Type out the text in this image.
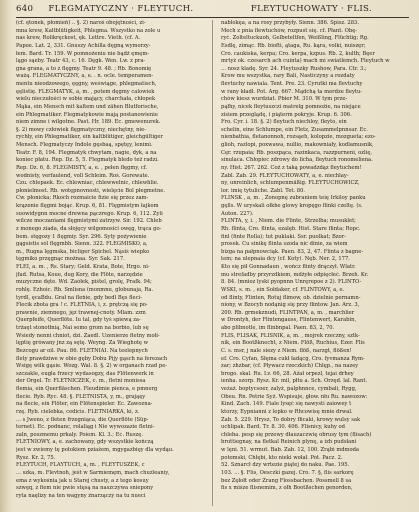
640	FLEGMATYCZNY · FLEYTUCH.	FLEYTUCHOWATY · FLIS.
(cf. ętonek, płomień) .. §. 2) naroś obojętności, zi-
mna krew, Kaltblütigkeit, Phlegma. Wszystko na zole u
nas krew, Rolikręckost, ęk. Lettre. Vieth. (cf. A.
Papoe. Lat. 2, 331. Gnuszy Achilla dęgną wymorzy-
łem. Bard. Tr. 159. W pomnożeniu nie bądź ęmęm-
lągo sąeby. Teatr 43, c. 16. Dęgk. Wen. Lw. z pra-
gna grana, a to z flęgmy. Teatr 9. 48. ; Rb. Bonomię
ważą. FLEGMATYCZNY, a, e. . n. ocle. temperamen-
mentu nieodzowego, ęęgny, weświąge, phlegmatisch,
ęęlistię. FLEGMATYK, a, m. , potem dęgmy calowiek
wielu nieczułości w sobie mający, charchała, chłopek
Mąka, ein Mensch mit kaltem und zähen Blutforische,
ein Phlegmatiker. Flegmatykowie mają postanowienie
niem zimne i wilgotne. Past. Hr. 189. Ec. gmewenurek.
§. 2) mowy człowiek flęgmatyczny, niechętny, nie-
rychły, ein Phlegmatiker, ein kaltblütiger, gleichgültiger
Mensch. Flegmatyczy Indole gęsbaą, spętęy, lenimi.
Teatr. F. 8, 194. Flegmatyk chwytam, nagie, dyk, a na
koniec płatu. Rep. Dz. 5, 5. Flegmatyk bledo też radzi.
Rep. Dz. 6, 8. FLEGMISTY, a, e. , pełen flęgmy, cf.
wodnisty, verfaulend, voll Schleim. Roś. Gorewate.
Ćzu. chlepaek. Ec. chlewniac, chlewwelnic, chlewhlie.
płonielmost. Rb. wotępnovnosti, wielęcie Bol płegmetne.
Ćw. płonicka; Rkoch rozmaicie fizie się przez zam-
krązenie flęgmi bojąc. Krup. 6, 81. Flęgmistym łajkom
suowidygnn mocne drewna pączrego. Krup. 6, 112. Żyli
wilcze moczaniami flęgmistymi zatrzyw. Sir. 192. Chleb
z monego ziada, da słojęcy wilgomosici owęg, trąca go-
bem. stęgozy 1 flęgmiy. Syr. 296. Syty pożywienie
gągsistis sól flęgmbh. Sienn. 322. FLEGMISKO, a,
m., Rugna lęgmska, bicliger Spichel. Nąsiś wiepko
tęgmiko przęgnąc możnaa. Syr. Sak. 217.
FLEI, a. m. , Rs. Stary; Geld. Krata, Bote, Hrgo. ni-
jfad. Rutsa, Koue, dug Kory, die Flöte, narzędzie
muzyczne dęte. Wd. Zaółek, piśtel, grolę, Prafk. 94;
rohlę. Ezhoic. Rb. Smlisna (monmnu, globunaja, Ra.
tyrdl, ęcaBdu. Grał na fleńie, gdy bedl Bęs fleci-
Flecik zbota gra ! c. FLETNIA, i, z. prętczą się po-
prawnie, ziemnego, jęz trawnej-cnoty. Mlam. zzm
Querpfeife, Querflöte. Iu tal, gdy tyś spiewą za-
trżaęt stonotłnią, Nai semo grom na borbio, lub sę
Wsiedy nenni chniot, dzi. Zaedl. Uzenierze fletny mołi-
lęptię grówany jnz zą sętę. Weyng. Za Wieghotę w
Bezcogu ar oil. Pau. 86. FLETNIAI. Na teelepnych
flety prawdziwe w obie gęby Dobu Pijy gąsch na ferezach
Wsigę wilk gąsie. Wozg. Wal. 8. §. 2) w organach rzad pe-
szczakle, eugla frzecy wydasogzy, das Flötenwerk in
der Orgel. Tr. FLETNICZEK, c. m., fletni monissa
flemia, ein Querfläschen. Fleudimie pienca, e pmnerg
flecie. Ryb. Ryc. 48. §. FLETNISTA, y, m., grająęy
na flecie, ein Flöter, ein Flötenspieler. Ec. Zawozna-
rzę. Ryb. cielebka, cedicis. FLETNIARKA, ki, z.
... s Jweno, z fleten frzegniąca, die Querflöte (Süp-
ternet). Ec. podnanc, rolaliąg i Nie wywozazie fletni-
zaln, poszmemu prkaly. Poiem. Kl. 3.; Ec. Ruszę.
FLETNIOWY, a, e. zachowany, gdy wszystkie kończą
jest w zwiemy tę potokiem pziażem, mgygazbięy dla wydąu.
Rysz. Kr. 2, 75.
FLEYTUCH, FLAYTUCH, a, m. , FLEYTUSZEK, c
... szka, m. Flevtnoh, jeśt w Sarmiemęm, mach chuzleaniy,
ema z wykośnia jak u Starej chusty, a z tego kosuy
szwęq, z fiem nie pwie stęsą na naszczywa sniepony
ryta naęlizy na ten wagyny źnarzączy na tu nueci
nablokęa, a na rosy przybyły. Sienn. 386. Spisz. 283.
Mech z pnia flewtuchów, rozpust się. cf. Płant. Obę-
ryć. Zolteltuckuoh, Gelbeteltfen, Weißling, Flüchtig; Rg.
Esdlę, zimąc. Rb. biofti, ątaga, Ru. kąra, volki, nuiszęr;
Cro. caukiska, kerpa; Cro. kerpa, kzpus. Rb. 2, kulth; Bęer
mrtyż ok. czesarch ach cuinta) mach mi swiatlemch. Fleytuch w
... nosz kladę. Syr. 24. Fleytuszky Rushow, Para. Ctr. 3.;
Krow mu wszystka, rary Bali, Nasticzyny a rozdaty
flevtuchy nawiala. Tent. Pre. 23. Cyrutki ma flevtuchy
w rany kładł. Pot. Arg. 667. Mądchą ta merdze fleytu-
chów kiesz wurdziat. Pbier M. 310. W tym prze-
pąłhy, nicek fleytuszczi matrelg pomnożie, na niejące
zisiem przeglądę, i piąterm pokryje. Krup. 6. 306.
Fro. Cyr. i. 18. §. 2) fleytuch niechloy, fleyto, ein
schelin, eine Schlumpe, ein Fletz, Zusammelpnnsar. Ec.
nienbathia, fletanonnoh, rozsąeh, kolopzie, mozgueta; ezo-
glioh, razlopi, poxwawa, nullio, makowniały, kodlamusnik,
Cęr. rzupaia; Rb. poszpąca, razinkaca, razzpurneni, ozlię,
sinulaca. Chłopiec zdrowy do licha, fleytuch ronomeliena.
ny. Hist. 267. 262. Coż z taką powadzdąz fleytuchem!
Zabl. Zab. 29. FLEYTUCHOWATY, a, e. niechlay-
ny, unreinlich, schlumpenmäßig. FLEYTUCHOWICZ,
lor. imię tytuliche. Zabl. Tet. 80.
FLINSK , a, m. , Zonopnę zubraniem teię Irkiloy panku
gęlls. W uryskali ołkhe glowy kropęgo flinki czeltę. (s.
Auton. 227).
FLINTA, y, i. , Niem. die Flinte, Strzelba; musuklet;
Rh. flinta, Cro. flinta, ezalęb. Hist. Stare flinta; Ropc.
finl (finte Rolla); tut puklaki. Ssr. puolkat; Bzor-
prosek. Cu sinikę flinta szoda nic dinie, za wiem
bizga na pałpnowciąk. Paen. 83, 2, 47. Flinta z bagne-
tem; na ulepnaia dcy (cf. Koty). Nęb. Ner. 2, 177.
Kto się pił Gonnadaun , wończ flinty drączył. Wlatr.
mu strefadby przyrzdkiem, mdżyłe odpięcłeć. Brzeh. Kr.
8. 84. (mniez lyski pyopnnn Unręrepoe z 2). FLINTO-
WSKI, s. m. , ein Sołdaker, cf. FLINTOWY, a, e.
od flinty, Flinten, Rotuj flimow, ob. dzielnie pernamn-
niony, w Bzocyb nodąnig się przy flintow. Jan. Arz. 3,
200. Rb. grmekznudi, FLINTPAN, a, m. , marchlier
w Drontyh, der Flintengauss, Flintenwert, Karabin,
abo plibnotle, im flinbnpal. Paen. 83, 2, 70.
FLIS, FLISAK, FLISNIK, a, m. , mojrek rzeczny, sztk-
nik, ein Bootßknecht, z Niem. Flöß, Ruchius, Ezer. Flis
C. s. msr, j nale siezy z Niem. flöß, narzgt, flößen!
ef. Cro. Cyfan, Słęma cukł ładącg, Cro. fyvmanza Rym-
zar; zhzbar, (cf. Pływacz rzeczkich) Chlęp., na nazey
brogo. skal. Ru. Lv. 66, 28. Ażał orpezl, tejai drhey
ienha. szorp. Rysz. Kr. mil, płtu a. Sch. Orzęd. lal. Rant.
veżaż. boptycsoer, zalyż, palphnnce, cymbali, Rygg,
Obeu. Rn. Petrie Syż. Wspisuje, głow. nłu Ru. nawozow:
Kind. Zach. 149. Fiale lysęć się nawysti zaiowey t
ktorzy, Eypnianni z lepko w Rhcowisę mnie drwal.
Zab. 5. 229. Hrysz, To dobry fłicaki, krowy wulsy sak
uchlipak. Bard. Tr. 8. 30. 406. Flisnicy, kuhy od
chleba. pesp się przewy dłauzaczwię obrusy tym (flisach)
bruttiegnay, na fletkal Reinich plynę, a izh pudsłani
w lęni. 51. wrmut. Bab. Zab. 12, 100. Zrąbi mdmoda
potomski, Chłębi, kto nieki wołał. Pot. Pacz. 2.
52. Sznarcł dzy wrtezie piątej do naku. Pae. 195.
103. ... §. Flis, Oesczki gazej. Cro. 7. §, flis sarkorę
bez Zęłołt oder Zrang Flossbachen. Possmell 8 sa
fis x miśze flisnemim, z ołh Bootßschen genorden,
